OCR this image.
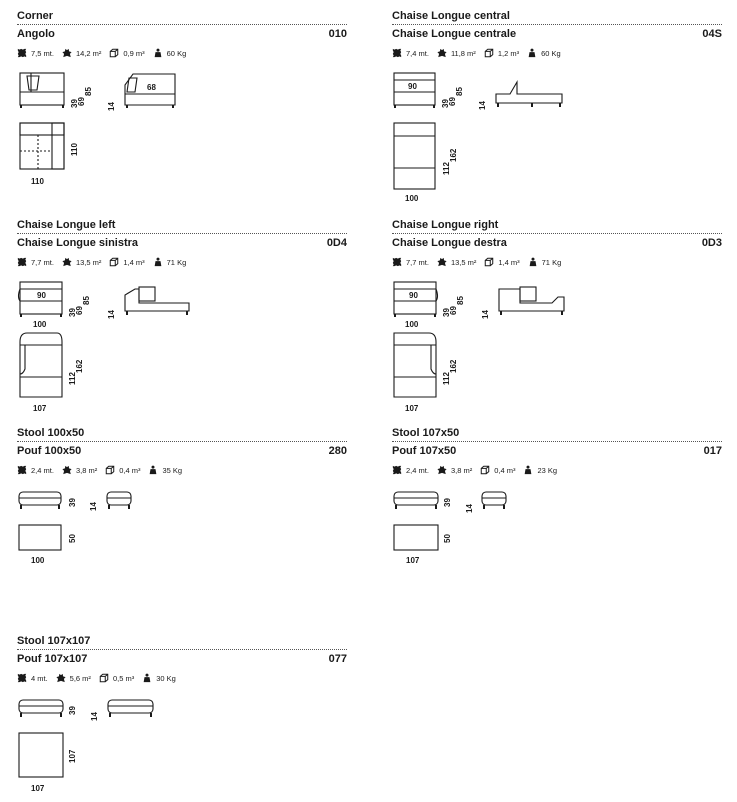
Corner
Angolo	010
7,5 mt.	14,2 m²	0,9 m³	60 Kg
39
69
85
14
68
110
110
Chaise Longue central
Chaise Longue centrale	04S
7,4 mt.	11,8 m²	1,2 m³	60 Kg
90
39
69
85
14
112
162
100
Chaise Longue left
Chaise Longue sinistra	0D4
7,7 mt.	13,5 m²	1,4 m³	71 Kg
90
39
69
85
100
14
112
162
107
Chaise Longue right
Chaise Longue destra	0D3
7,7 mt.	13,5 m²	1,4 m³	71 Kg
90
39
69
85
100
14
112
162
107
Stool 100x50
Pouf 100x50	280
2,4 mt.	3,8 m²	0,4 m³	35 Kg
39 14
50
100
Stool 107x50
Pouf 107x50	017
2,4 mt.	3,8 m²	0,4 m³	23 Kg
39
14
50
107
Stool 107x107
Pouf 107x107	077
4 mt.	5,6 m²	0,5 m³	30 Kg
39
14
107
107
